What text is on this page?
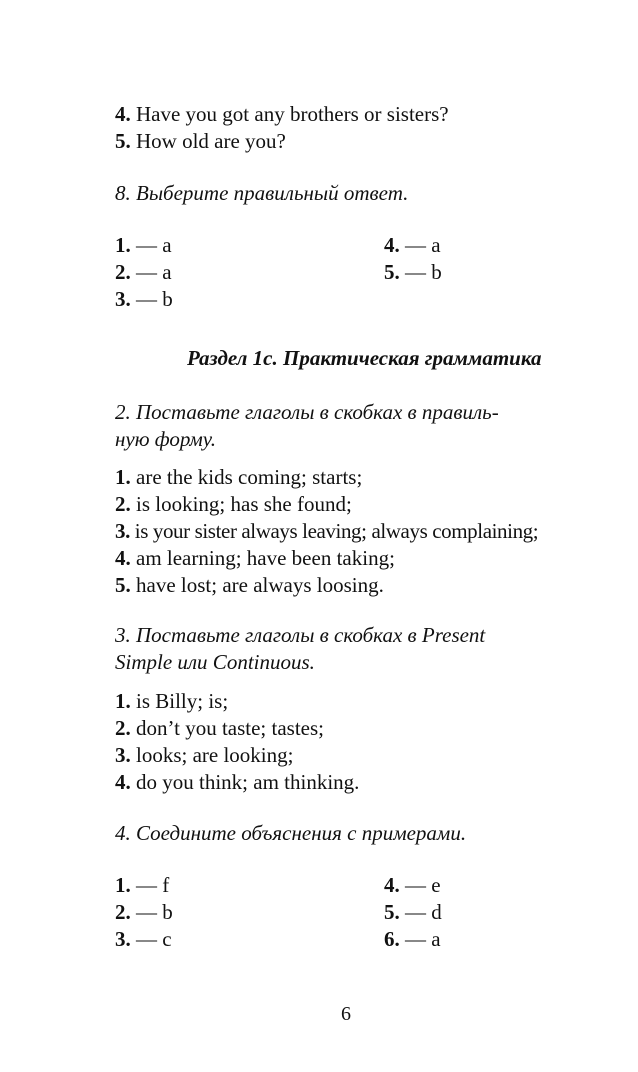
4. Have you got any brothers or sisters?
5. How old are you?
8. Выберите правильный ответ.
1. — a
2. — a
3. — b
4. — a
5. — b
Раздел 1с. Практическая грамматика
2. Поставьте глаголы в скобках в правиль-
ную форму.
1. are the kids coming; starts;
2. is looking; has she found;
3. is your sister always leaving; always complaining;
4. am learning; have been taking;
5. have lost; are always loosing.
3. Поставьте глаголы в скобках в Present
Simple или Continuous.
1. is Billy; is;
2. don’t you taste; tastes;
3. looks; are looking;
4. do you think; am thinking.
4. Соедините объяснения с примерами.
1. — f
2. — b
3. — c
4. — e
5. — d
6. — a
6
